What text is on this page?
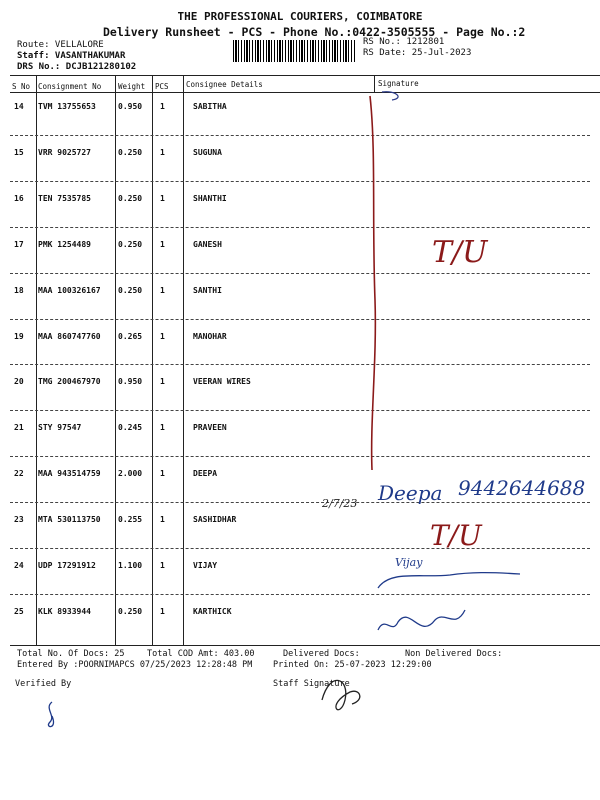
THE PROFESSIONAL COURIERS, COIMBATORE
Delivery Runsheet - PCS - Phone No.:0422-3505555 - Page No.:2
Route: VELLALORE
Staff: VASANTHAKUMAR
DRS No.: DCJB121280102
RS No.: 1212801
RS Date: 25-Jul-2023
S No Consignment No Weight PCS Consignee Details	Signature
14 TVM 13755653	0.950 1	SABITHA
15 VRR 9025727	0.250 1	SUGUNA
16 TEN 7535785	0.250 1	SHANTHI
17 PMK 1254489	0.250 1	GANESH
18 MAA 100326167 0.250 1	SANTHI
19 MAA 860747760 0.265 1	MANOHAR
20 TMG 200467970 0.950 1	VEERAN WIRES
21 STY 97547	0.245 1	PRAVEEN
22 MAA 943514759 2.000 1	DEEPA
23 MTA 530113750 0.255 1	SASHIDHAR
24 UDP 17291912	1.100 1	VIJAY
25 KLK 8933944	0.250 1	KARTHICK
Total No. Of Docs: 25	Total COD Amt: 403.00	Delivered Docs:	Non Delivered Docs:
Entered By :POORNIMAPCS 07/25/2023 12:28:48 PM Printed On: 25-07-2023 12:29:00
Verified By	Staff Signature
T/U
2/7/23 Deepa 9442644688
T/U
Vijay
